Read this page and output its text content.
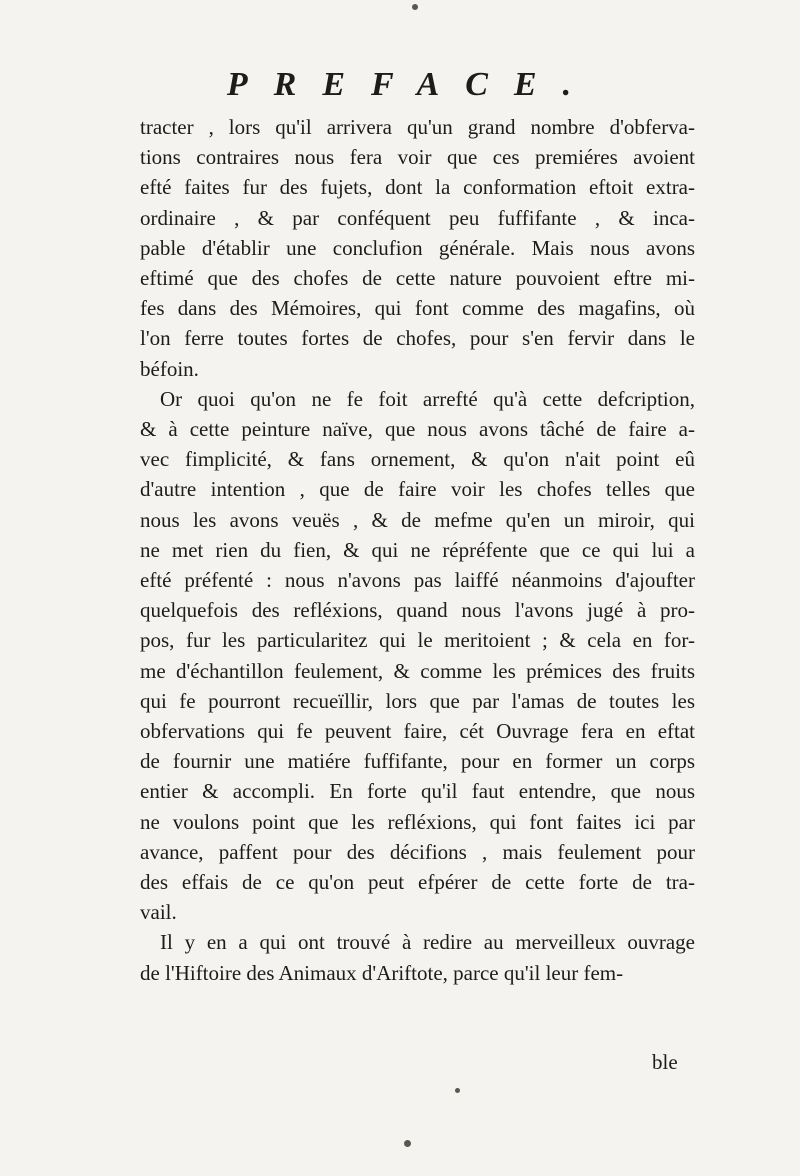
PREFACE.
tracter , lors qu'il arrivera qu'un grand nombre d'obferva-
tions contraires nous fera voir que ces premiéres avoient
efté faites fur des fujets, dont la conformation eftoit extra-
ordinaire , & par conféquent peu fuffifante , & inca-
pable d'établir une conclufion générale. Mais nous avons
eftimé que des chofes de cette nature pouvoient eftre mi-
fes dans des Mémoires, qui font comme des magafins, où
l'on ferre toutes fortes de chofes, pour s'en fervir dans le
béfoin.
Or quoi qu'on ne fe foit arrefté qu'à cette defcription,
& à cette peinture naïve, que nous avons tâché de faire a-
vec fimplicité, & fans ornement, & qu'on n'ait point eû
d'autre intention , que de faire voir les chofes telles que
nous les avons veuës , & de mefme qu'en un miroir, qui
ne met rien du fien, & qui ne répréfente que ce qui lui a
efté préfenté : nous n'avons pas laiffé néanmoins d'ajoufter
quelquefois des refléxions, quand nous l'avons jugé à pro-
pos, fur les particularitez qui le meritoient ; & cela en for-
me d'échantillon feulement, & comme les prémices des fruits
qui fe pourront recueïllir, lors que par l'amas de toutes les
obfervations qui fe peuvent faire, cét Ouvrage fera en eftat
de fournir une matiére fuffifante, pour en former un corps
entier & accompli. En forte qu'il faut entendre, que nous
ne voulons point que les refléxions, qui font faites ici par
avance, paffent pour des décifions , mais feulement pour
des effais de ce qu'on peut efpérer de cette forte de tra-
vail.
Il y en a qui ont trouvé à redire au merveilleux ouvrage
de l'Hiftoire des Animaux d'Ariftote, parce qu'il leur fem-
ble
